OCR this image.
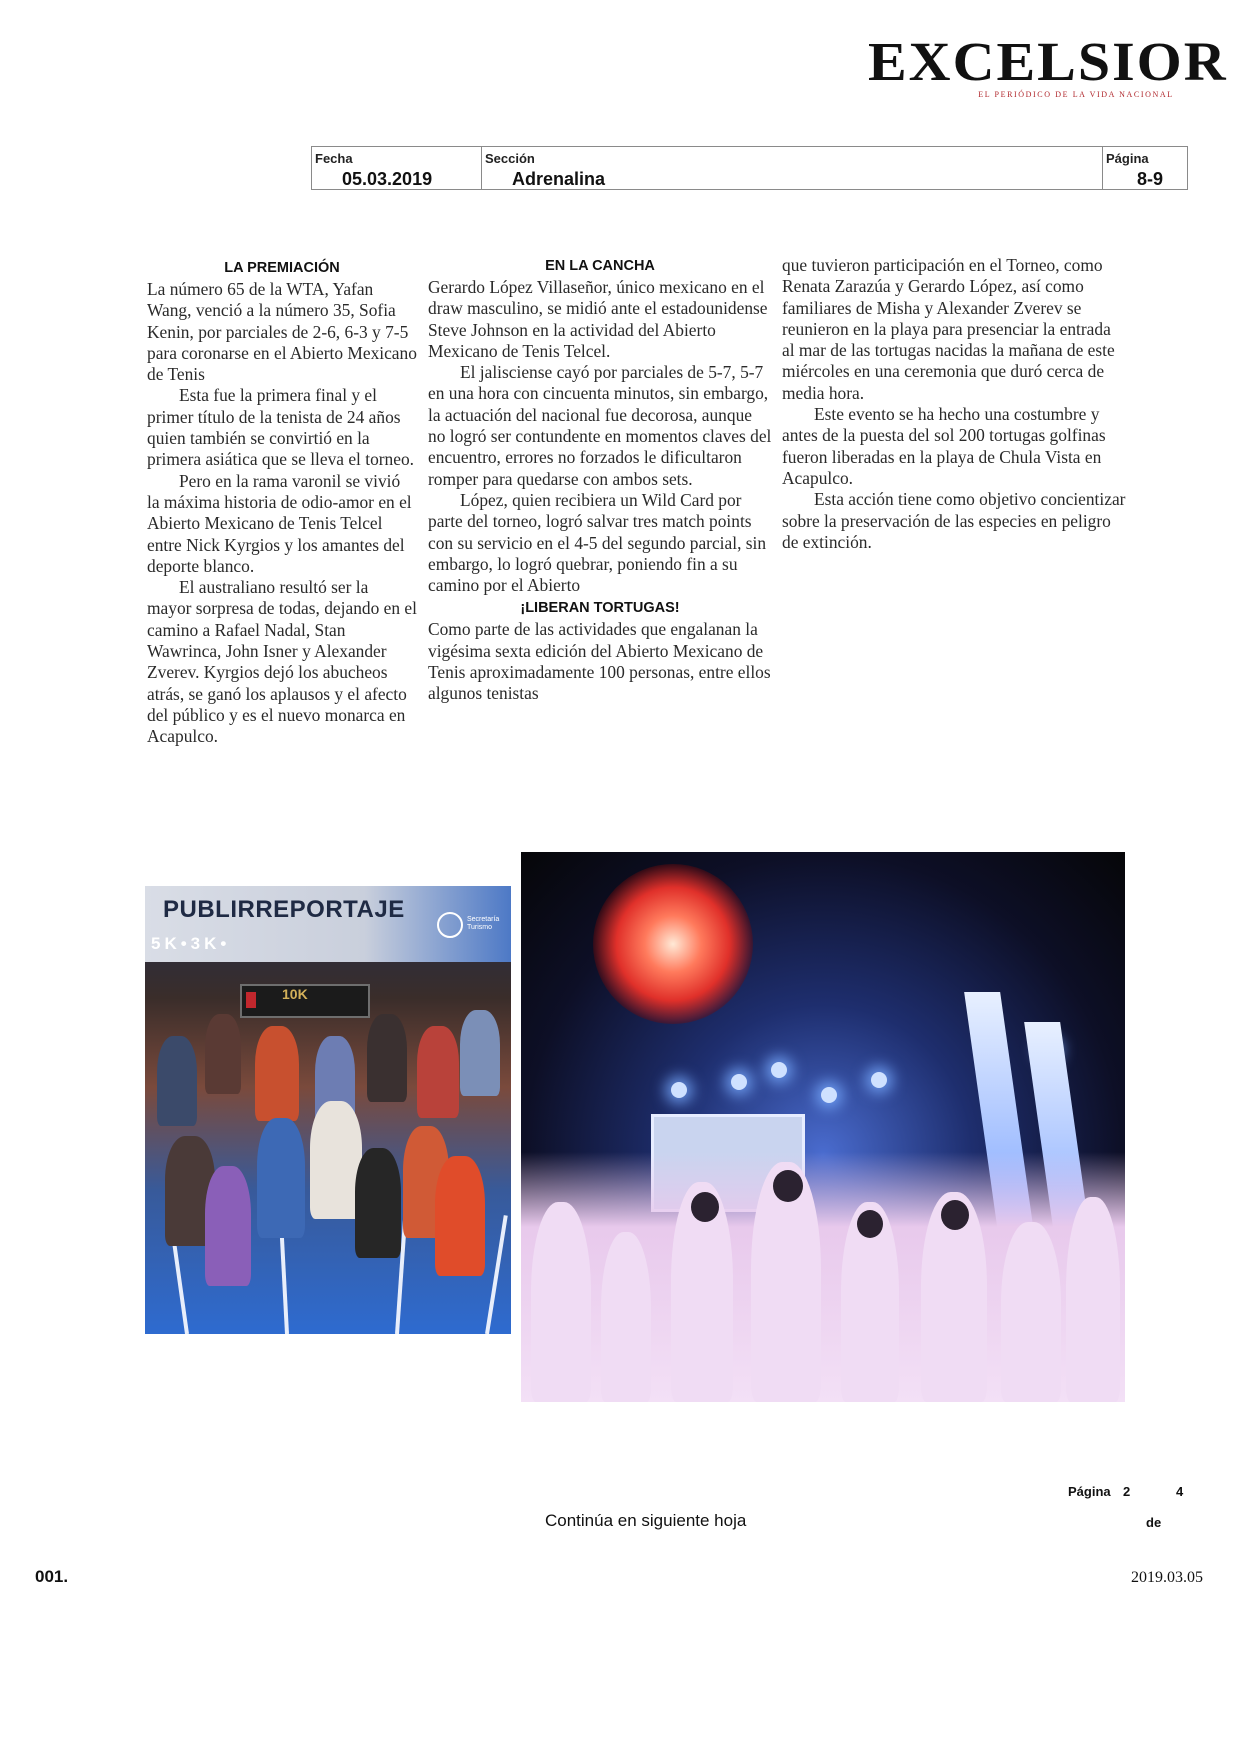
EXCELSIOR
EL PERIÓDICO DE LA VIDA NACIONAL
Fecha
05.03.2019
Sección
Adrenalina
Página
8-9
LA PREMIACIÓN

La número 65 de la WTA, Yafan Wang, venció a la número 35, Sofia Kenin, por parciales de 2-6, 6-3 y 7-5 para coronarse en el Abierto Mexicano de Tenis

Esta fue la primera final y el primer título de la tenista de 24 años quien también se convirtió en la primera asiática que se lleva el torneo.

Pero en la rama varonil se vivió la máxima historia de odio-amor en el Abierto Mexicano de Tenis Telcel entre Nick Kyrgios y los amantes del deporte blanco.

El australiano resultó ser la mayor sorpresa de todas, dejando en el camino a Rafael Nadal, Stan Wawrinca, John Isner y Alexander Zverev. Kyrgios dejó los abucheos atrás, se ganó los aplausos y el afecto del público y es el nuevo monarca en Acapulco.

EN LA CANCHA

Gerardo López Villaseñor, único mexicano en el draw masculino, se midió ante el estadounidense Steve Johnson en la actividad del Abierto Mexicano de Tenis Telcel.

El jalisciense cayó por parciales de 5-7, 5-7 en una hora con cincuenta minutos, sin embargo, la actuación del nacional fue decorosa, aunque no logró ser contundente en momentos claves del encuentro, errores no forzados le dificultaron romper para quedarse con ambos sets.

López, quien recibiera un Wild Card por parte del torneo, logró salvar tres match points con su servicio en el 4-5 del segundo parcial, sin embargo, lo logró quebrar, poniendo fin a su camino por el Abierto

¡LIBERAN TORTUGAS!

Como parte de las actividades que engalanan la vigésima sexta edición del Abierto Mexicano de Tenis aproximadamente 100 personas, entre ellos algunos tenistas

que tuvieron participación en el Torneo, como Renata Zarazúa y Gerardo López, así como familiares de Misha y Alexander Zverev se reunieron en la playa para presenciar la entrada al mar de las tortugas nacidas la mañana de este miércoles en una ceremonia que duró cerca de media hora.

Este evento se ha hecho una costumbre y antes de la puesta del sol 200 tortugas golfinas fueron liberadas en la playa de Chula Vista en Acapulco.

Esta acción tiene como objetivo concientizar sobre la preservación de las especies en peligro de extinción.

PUBLIRREPORTAJE
5K•3K•
Secretaría Turismo
10K
Página 2	4
de
Continúa en siguiente hoja
001.	2019.03.05
